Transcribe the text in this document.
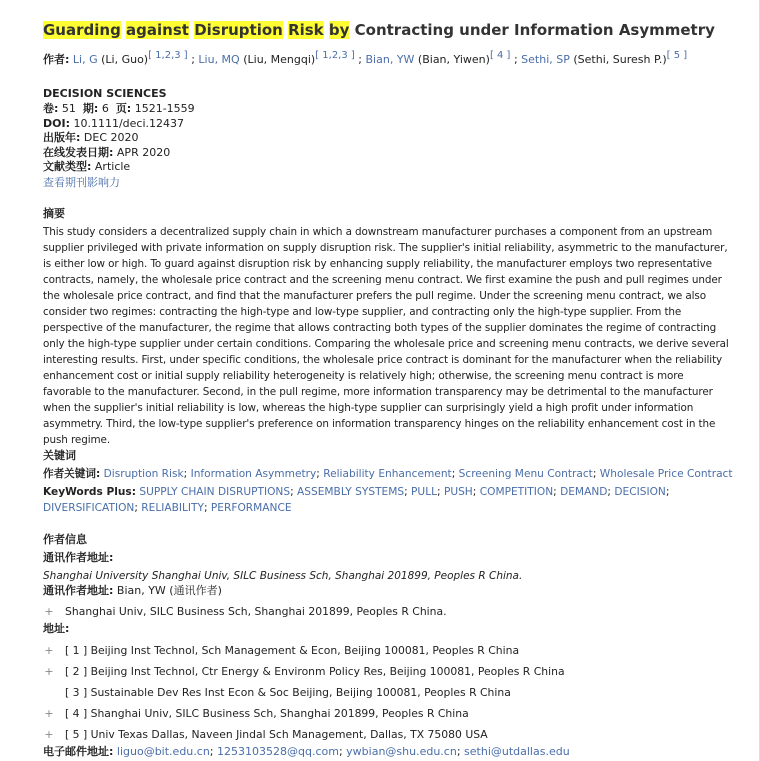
Guarding against Disruption Risk by Contracting under Information Asymmetry
作者: Li, G (Li, Guo)[ 1,2,3 ] ; Liu, MQ (Liu, Mengqi)[ 1,2,3 ] ; Bian, YW (Bian, Yiwen)[ 4 ] ; Sethi, SP (Sethi, Suresh P.)[ 5 ]
DECISION SCIENCES
卷: 51 期: 6 页: 1521-1559
DOI: 10.1111/deci.12437
出版年: DEC 2020
在线发表日期: APR 2020
文献类型: Article
查看期刊影响力
摘要
This study considers a decentralized supply chain in which a downstream manufacturer purchases a component from an upstream supplier privileged with private information on supply disruption risk. The supplier's initial reliability, asymmetric to the manufacturer, is either low or high. To guard against disruption risk by enhancing supply reliability, the manufacturer employs two representative contracts, namely, the wholesale price contract and the screening menu contract. We first examine the push and pull regimes under the wholesale price contract, and find that the manufacturer prefers the pull regime. Under the screening menu contract, we also consider two regimes: contracting the high-type and low-type supplier, and contracting only the high-type supplier. From the perspective of the manufacturer, the regime that allows contracting both types of the supplier dominates the regime of contracting only the high-type supplier under certain conditions. Comparing the wholesale price and screening menu contracts, we derive several interesting results. First, under specific conditions, the wholesale price contract is dominant for the manufacturer when the reliability enhancement cost or initial supply reliability heterogeneity is relatively high; otherwise, the screening menu contract is more favorable to the manufacturer. Second, in the pull regime, more information transparency may be detrimental to the manufacturer when the supplier's initial reliability is low, whereas the high-type supplier can surprisingly yield a high profit under information asymmetry. Third, the low-type supplier's preference on information transparency hinges on the reliability enhancement cost in the push regime.
关键词
作者关键词: Disruption Risk; Information Asymmetry; Reliability Enhancement; Screening Menu Contract; Wholesale Price Contract
KeyWords Plus: SUPPLY CHAIN DISRUPTIONS; ASSEMBLY SYSTEMS; PULL; PUSH; COMPETITION; DEMAND; DECISION; DIVERSIFICATION; RELIABILITY; PERFORMANCE
作者信息
通讯作者地址:
Shanghai University Shanghai Univ, SILC Business Sch, Shanghai 201899, Peoples R China.
通讯作者地址: Bian, YW (通讯作者)
+ Shanghai Univ, SILC Business Sch, Shanghai 201899, Peoples R China.
地址:
+ [ 1 ] Beijing Inst Technol, Sch Management & Econ, Beijing 100081, Peoples R China
+ [ 2 ] Beijing Inst Technol, Ctr Energy & Environm Policy Res, Beijing 100081, Peoples R China
[ 3 ] Sustainable Dev Res Inst Econ & Soc Beijing, Beijing 100081, Peoples R China
+ [ 4 ] Shanghai Univ, SILC Business Sch, Shanghai 201899, Peoples R China
+ [ 5 ] Univ Texas Dallas, Naveen Jindal Sch Management, Dallas, TX 75080 USA
电子邮件地址: liguo@bit.edu.cn; 1253103528@qq.com; ywbian@shu.edu.cn; sethi@utdallas.edu
